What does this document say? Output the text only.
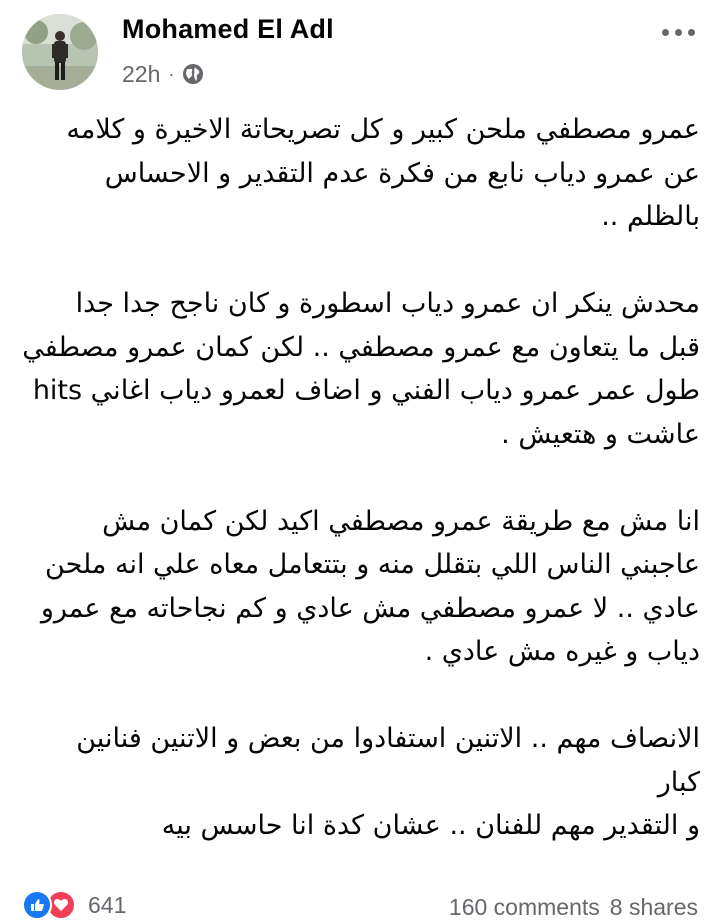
Mohamed El Adl
22h ·
عمرو مصطفي ملحن كبير و كل تصريحاتة الاخيرة و كلامه
عن عمرو دياب نابع من فكرة عدم التقدير و الاحساس
بالظلم ..
محدش ينكر ان عمرو دياب اسطورة و كان ناجح جدا جدا
قبل ما يتعاون مع عمرو مصطفي .. لكن كمان عمرو مصطفي
طول عمر عمرو دياب الفني و اضاف لعمرو دياب اغاني hits
عاشت و هتعيش .
انا مش مع طريقة عمرو مصطفي اكيد لكن كمان مش
عاجبني الناس اللي بتقلل منه و بتتعامل معاه علي انه ملحن
عادي .. لا عمرو مصطفي مش عادي و كم نجاحاته مع عمرو
دياب و غيره مش عادي .
الانصاف مهم .. الاتنين استفادوا من بعض و الاتنين فنانين
كبار
و التقدير مهم للفنان .. عشان كدة انا حاسس بيه
641	160 comments 8 shares
